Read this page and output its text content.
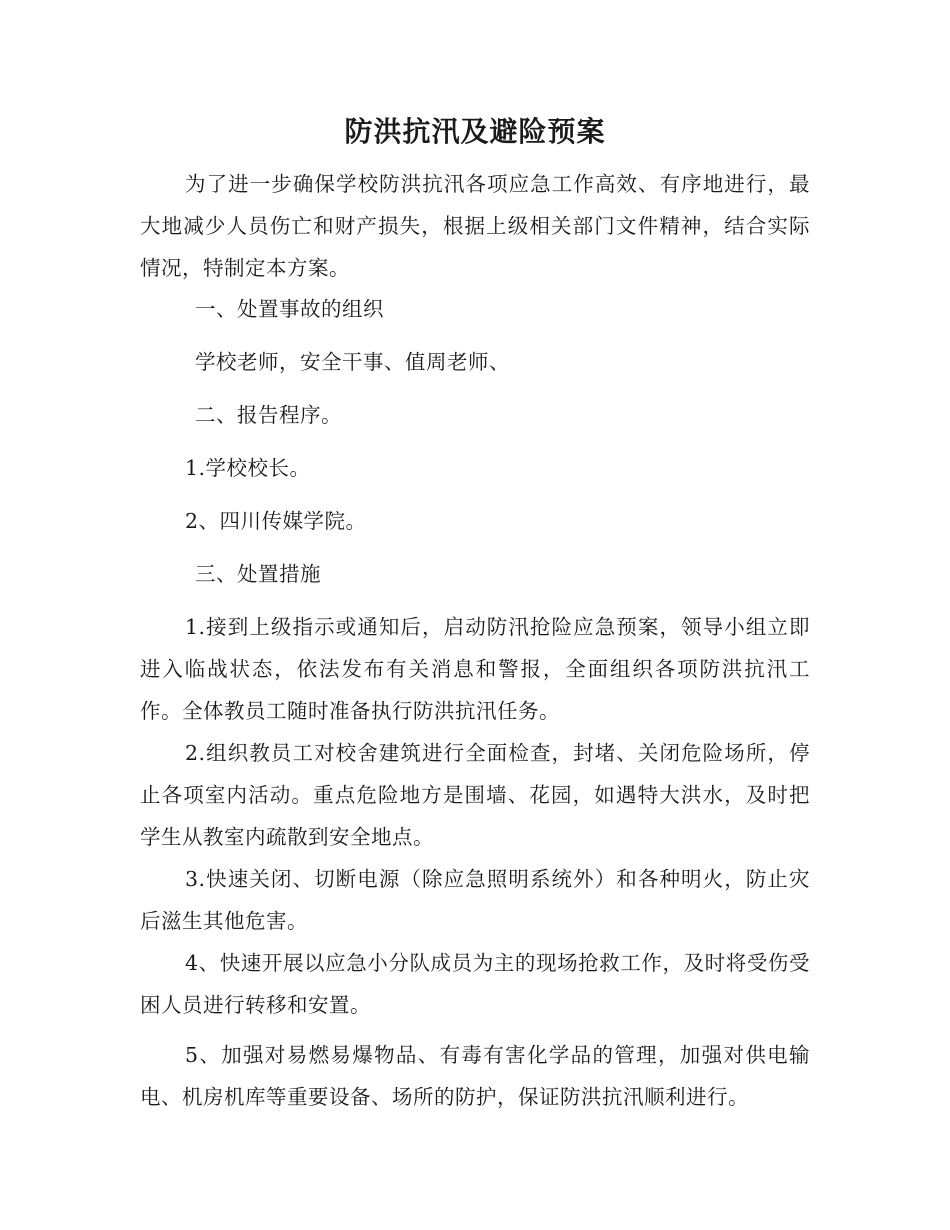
防洪抗汛及避险预案

为了进一步确保学校防洪抗汛各项应急工作高效、有序地进行，最大地减少人员伤亡和财产损失，根据上级相关部门文件精神，结合实际情况，特制定本方案。

一、处置事故的组织

学校老师，安全干事、值周老师、

二、报告程序。

1.学校校长。

2、四川传媒学院。

三、处置措施

1.接到上级指示或通知后，启动防汛抢险应急预案，领导小组立即进入临战状态，依法发布有关消息和警报，全面组织各项防洪抗汛工作。全体教员工随时准备执行防洪抗汛任务。

2.组织教员工对校舍建筑进行全面检查，封堵、关闭危险场所，停止各项室内活动。重点危险地方是围墙、花园，如遇特大洪水，及时把学生从教室内疏散到安全地点。

3.快速关闭、切断电源（除应急照明系统外）和各种明火，防止灾后滋生其他危害。

4、快速开展以应急小分队成员为主的现场抢救工作，及时将受伤受困人员进行转移和安置。

5、加强对易燃易爆物品、有毒有害化学品的管理，加强对供电输电、机房机库等重要设备、场所的防护，保证防洪抗汛顺利进行。
